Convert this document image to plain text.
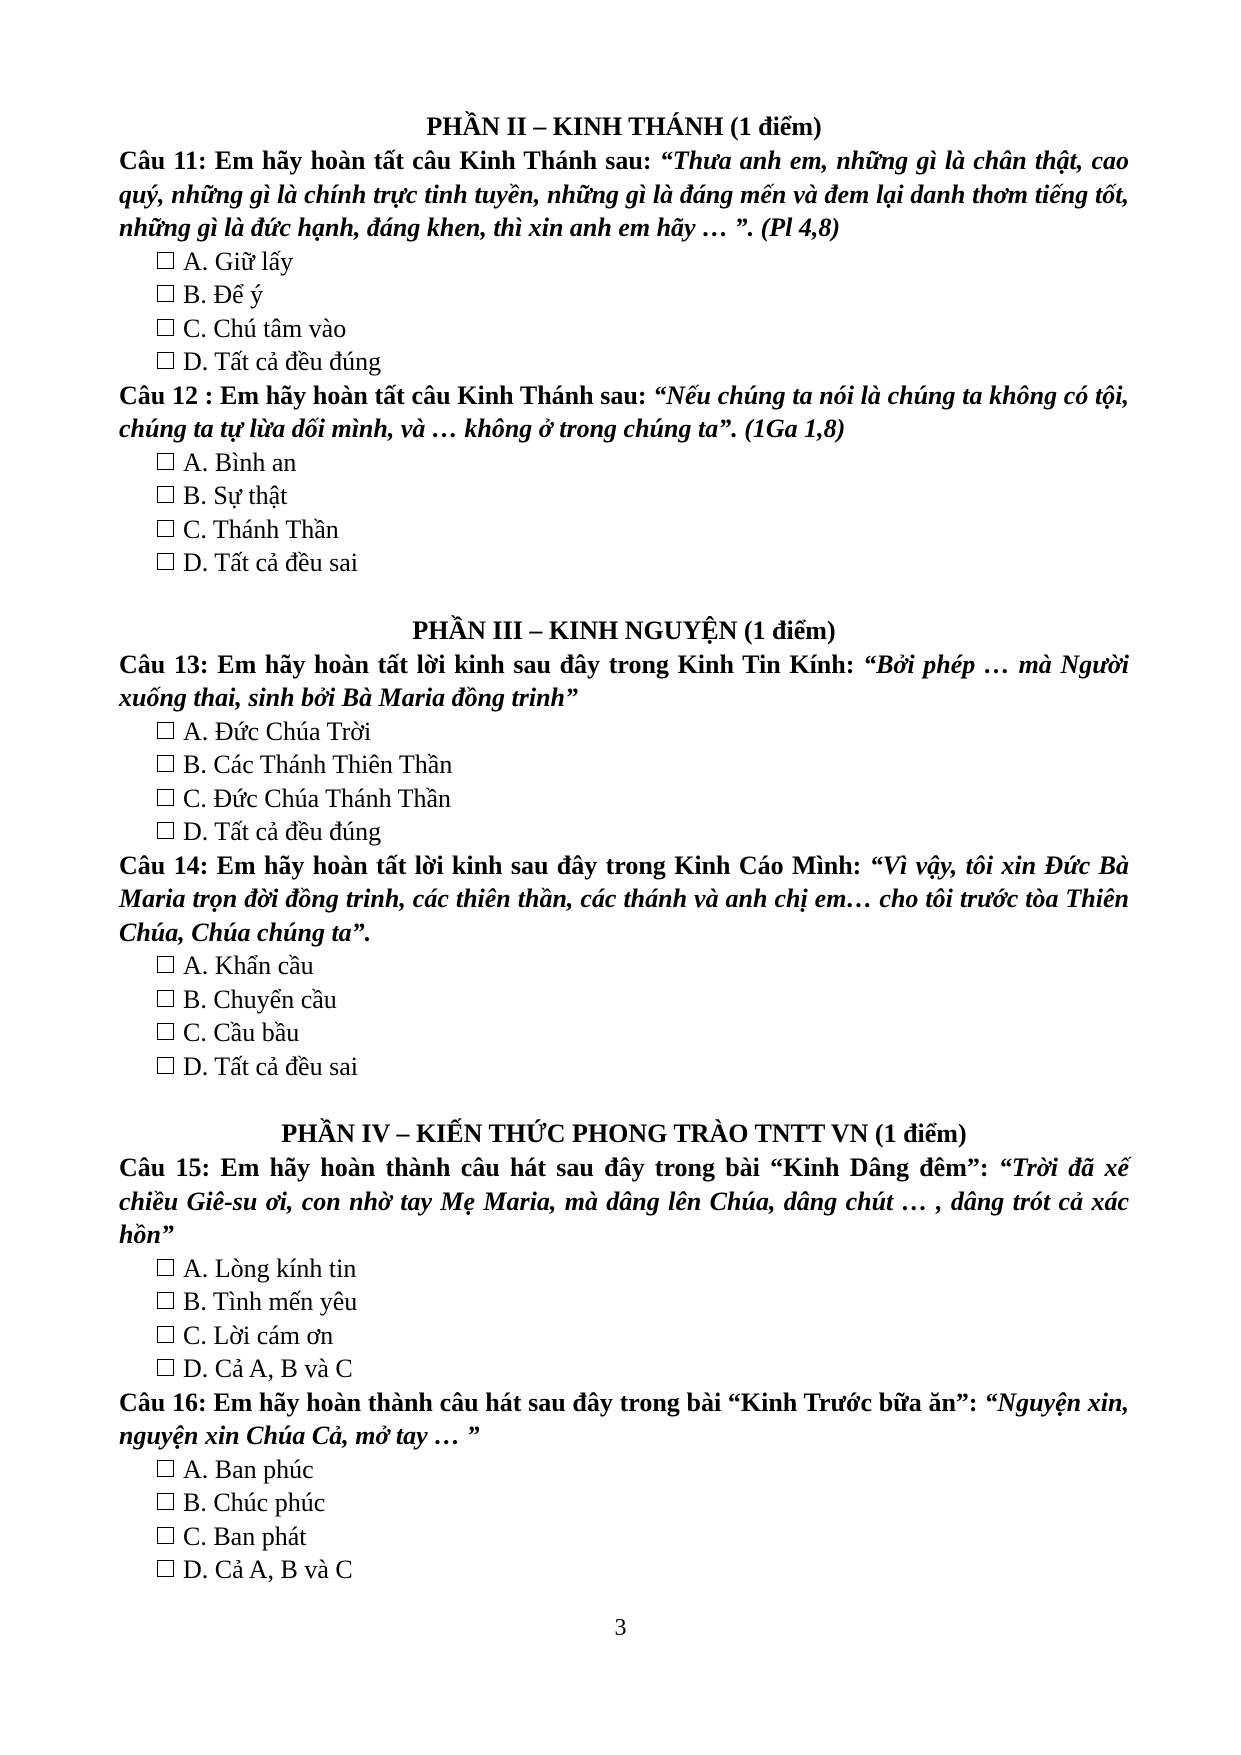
PHẦN II – KINH THÁNH (1 điểm)

Câu 11: Em hãy hoàn tất câu Kinh Thánh sau: “Thưa anh em, những gì là chân thật, cao quý, những gì là chính trực tinh tuyền, những gì là đáng mến và đem lại danh thơm tiếng tốt, những gì là đức hạnh, đáng khen, thì xin anh em hãy … ”. (Pl 4,8)

A. Giữ lấy
B. Để ý
C. Chú tâm vào
D. Tất cả đều đúng

Câu 12 : Em hãy hoàn tất câu Kinh Thánh sau: “Nếu chúng ta nói là chúng ta không có tội, chúng ta tự lừa dối mình, và … không ở trong chúng ta”. (1Ga 1,8)

A. Bình an
B. Sự thật
C. Thánh Thần
D. Tất cả đều sai
PHẦN III – KINH NGUYỆN (1 điểm)

Câu 13: Em hãy hoàn tất lời kinh sau đây trong Kinh Tin Kính: “Bởi phép … mà Người xuống thai, sinh bởi Bà Maria đồng trinh”

A. Đức Chúa Trời
B. Các Thánh Thiên Thần
C. Đức Chúa Thánh Thần
D. Tất cả đều đúng

Câu 14: Em hãy hoàn tất lời kinh sau đây trong Kinh Cáo Mình: “Vì vậy, tôi xin Đức Bà Maria trọn đời đồng trinh, các thiên thần, các thánh và anh chị em… cho tôi trước tòa Thiên Chúa, Chúa chúng ta”.

A. Khẩn cầu
B. Chuyển cầu
C. Cầu bầu
D. Tất cả đều sai
PHẦN IV – KIẾN THỨC PHONG TRÀO TNTT VN (1 điểm)

Câu 15: Em hãy hoàn thành câu hát sau đây trong bài “Kinh Dâng đêm”: “Trời đã xế chiều Giê-su ơi, con nhờ tay Mẹ Maria, mà dâng lên Chúa, dâng chút … , dâng trót cả xác hồn”

A. Lòng kính tin
B. Tình mến yêu
C. Lời cám ơn
D. Cả A, B và C

Câu 16: Em hãy hoàn thành câu hát sau đây trong bài “Kinh Trước bữa ăn”: “Nguyện xin, nguyện xin Chúa Cả, mở tay … ”

A. Ban phúc
B. Chúc phúc
C. Ban phát
D. Cả A, B và C
3
